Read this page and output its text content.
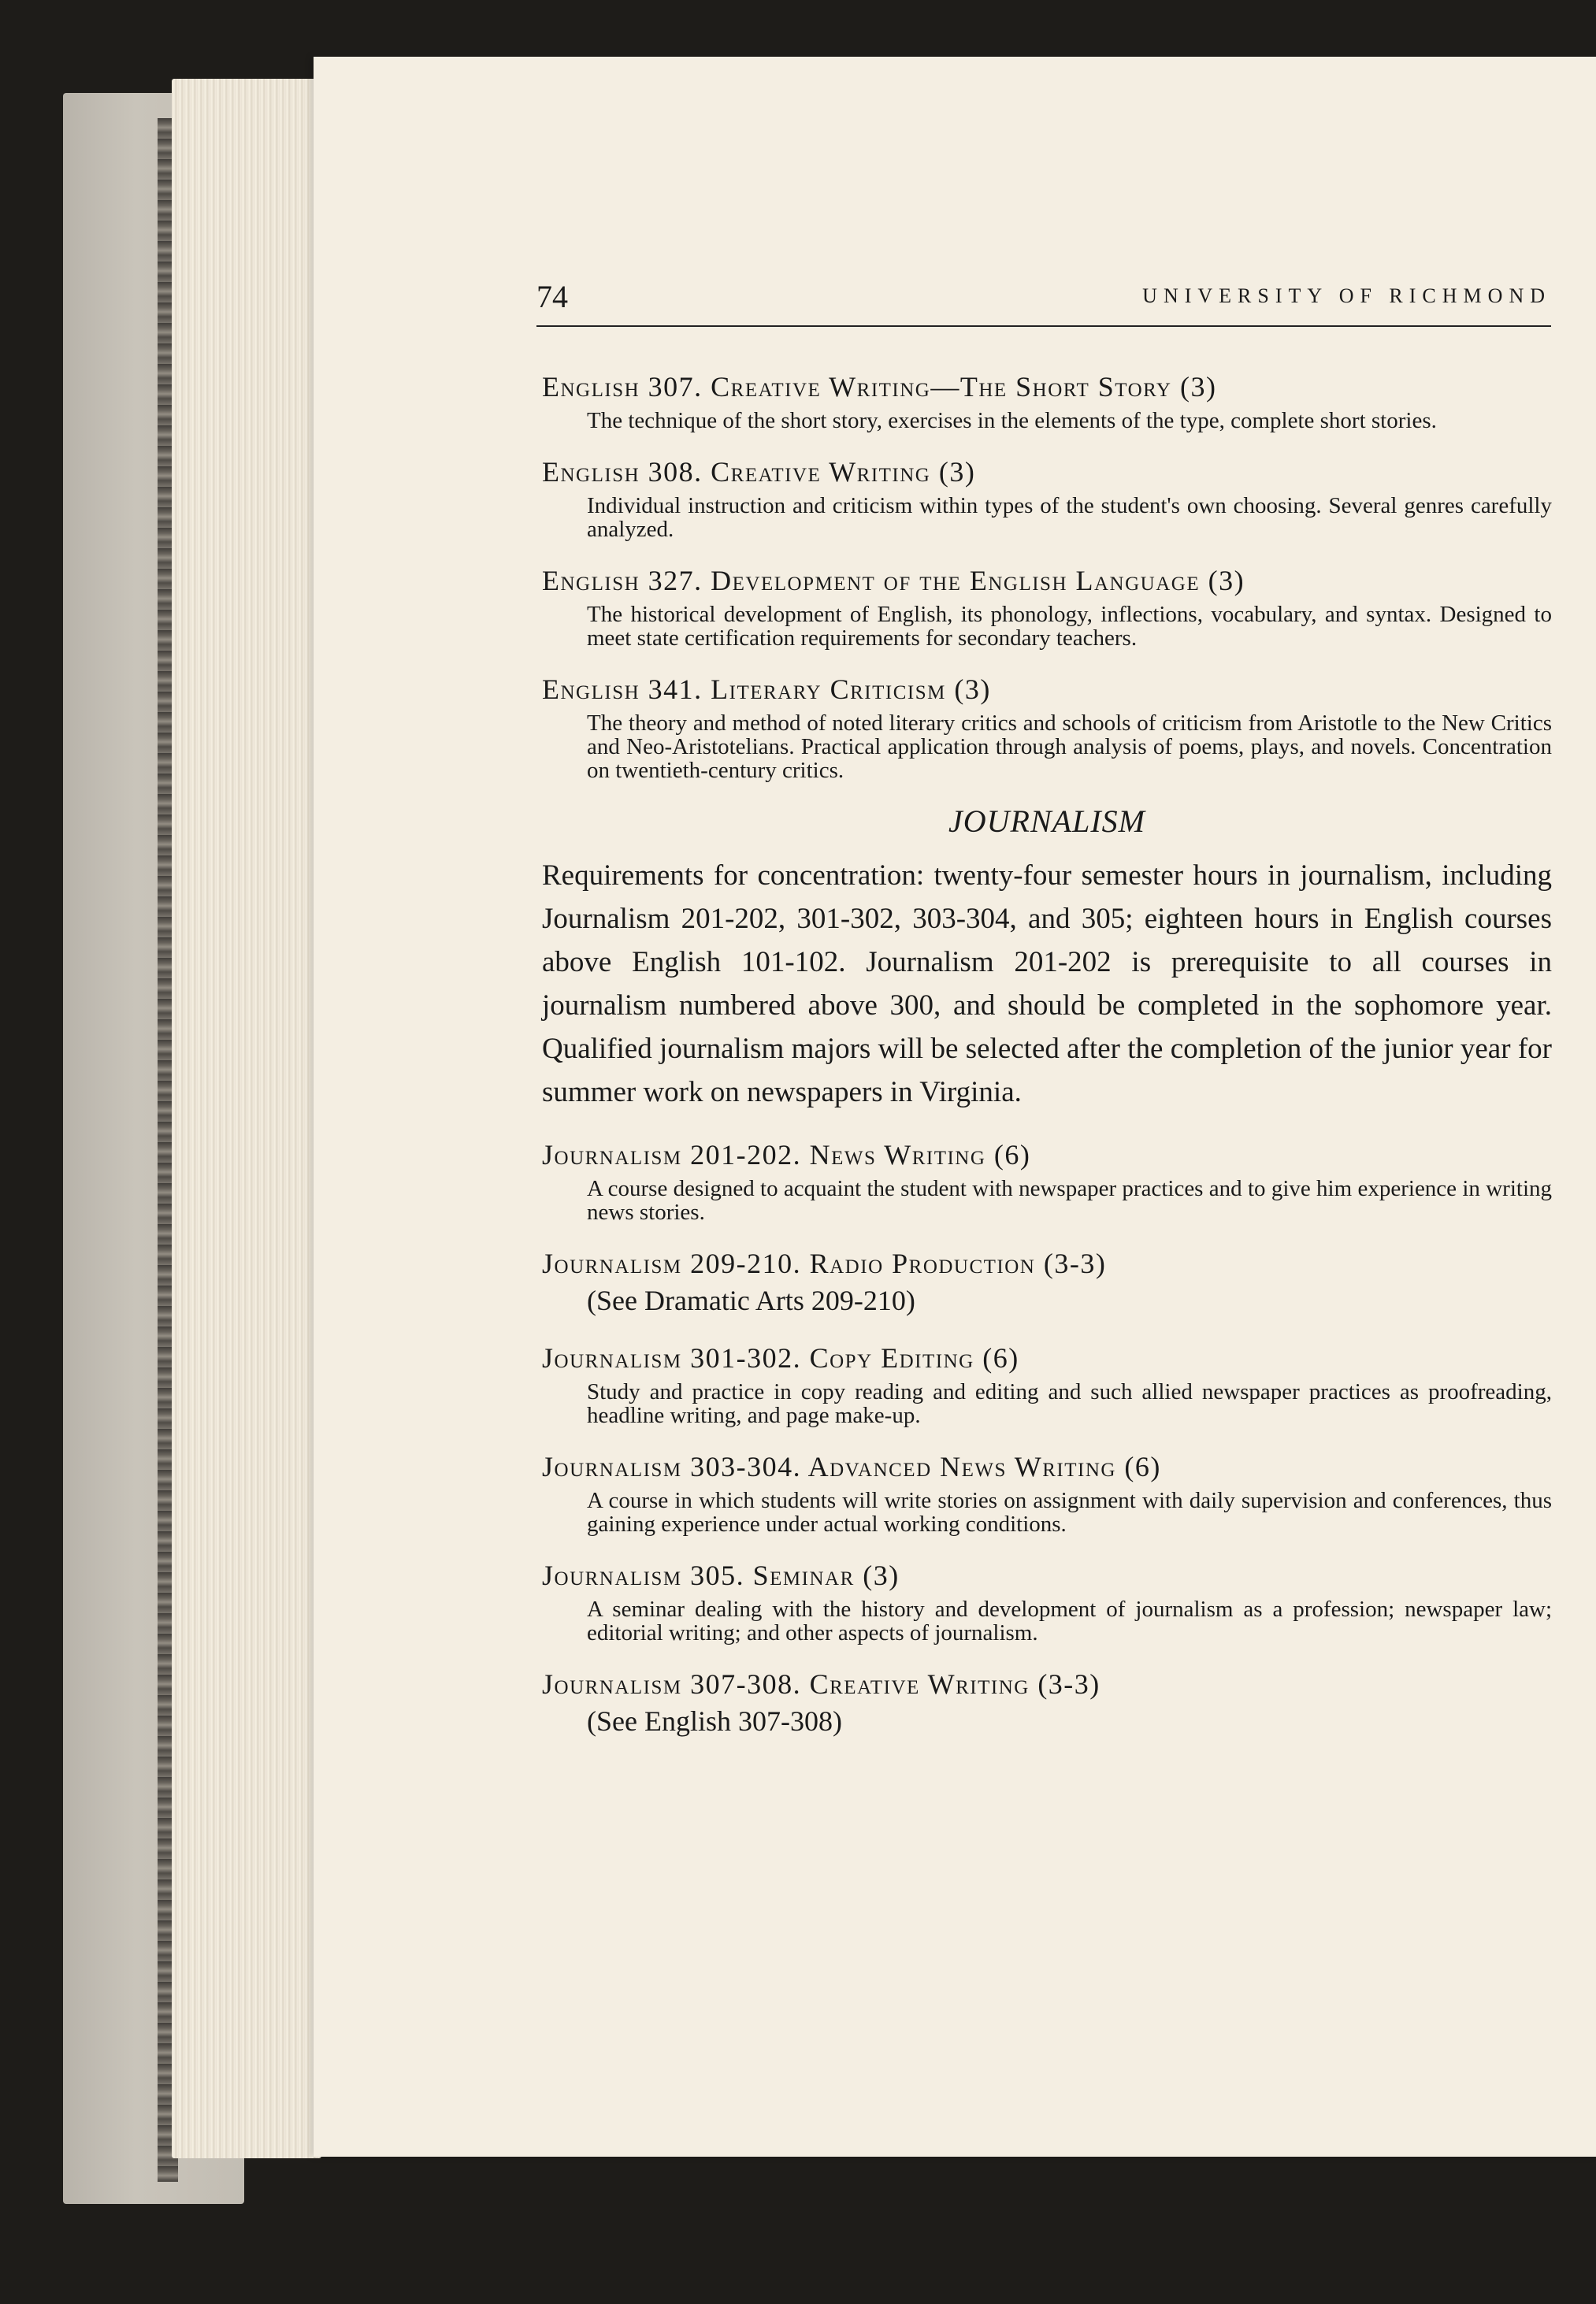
74	UNIVERSITY OF RICHMOND
English 307. Creative Writing—The Short Story (3)
The technique of the short story, exercises in the elements of the type, complete short stories.
English 308. Creative Writing (3)
Individual instruction and criticism within types of the student's own choosing. Several genres carefully analyzed.
English 327. Development of the English Language (3)
The historical development of English, its phonology, inflections, vocabulary, and syntax. Designed to meet state certification requirements for secondary teachers.
English 341. Literary Criticism (3)
The theory and method of noted literary critics and schools of criticism from Aristotle to the New Critics and Neo-Aristotelians. Practical application through analysis of poems, plays, and novels. Concentration on twentieth-century critics.
JOURNALISM
Requirements for concentration: twenty-four semester hours in journalism, including Journalism 201-202, 301-302, 303-304, and 305; eighteen hours in English courses above English 101-102. Journalism 201-202 is prerequisite to all courses in journalism numbered above 300, and should be completed in the sophomore year. Qualified journalism majors will be selected after the completion of the junior year for summer work on newspapers in Virginia.
Journalism 201-202. News Writing (6)
A course designed to acquaint the student with newspaper practices and to give him experience in writing news stories.
Journalism 209-210. Radio Production (3-3)
(See Dramatic Arts 209-210)
Journalism 301-302. Copy Editing (6)
Study and practice in copy reading and editing and such allied newspaper practices as proofreading, headline writing, and page make-up.
Journalism 303-304. Advanced News Writing (6)
A course in which students will write stories on assignment with daily supervision and conferences, thus gaining experience under actual working conditions.
Journalism 305. Seminar (3)
A seminar dealing with the history and development of journalism as a profession; newspaper law; editorial writing; and other aspects of journalism.
Journalism 307-308. Creative Writing (3-3)
(See English 307-308)
